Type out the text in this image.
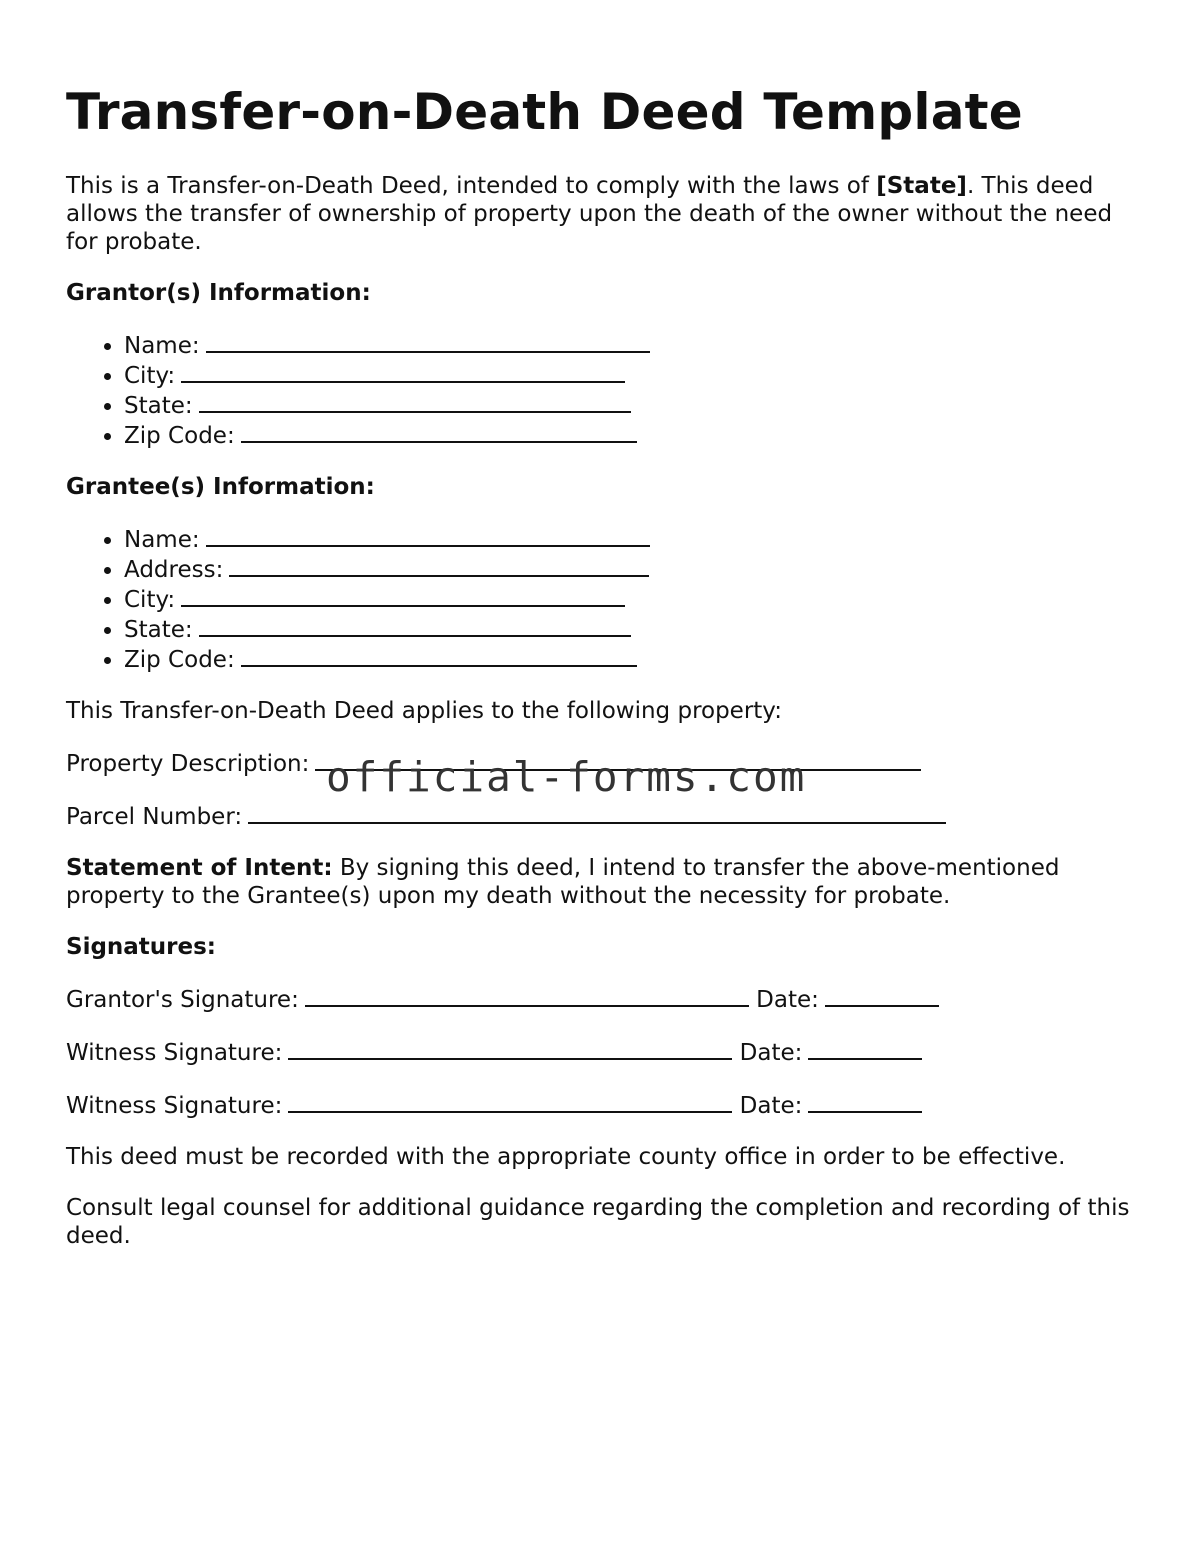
Transfer-on-Death Deed Template

This is a Transfer-on-Death Deed, intended to comply with the laws of [State]. This deed allows the transfer of ownership of property upon the death of the owner without the need for probate.

Grantor(s) Information:

• Name:
• City:
• State:
• Zip Code:

Grantee(s) Information:

• Name:
• Address:
• City:
• State:
• Zip Code:

This Transfer-on-Death Deed applies to the following property:

Property Description:

Parcel Number:

Statement of Intent: By signing this deed, I intend to transfer the above-mentioned property to the Grantee(s) upon my death without the necessity for probate.

Signatures:

Grantor's Signature:	Date:

Witness Signature:	Date:

Witness Signature:	Date:

This deed must be recorded with the appropriate county office in order to be effective.

Consult legal counsel for additional guidance regarding the completion and recording of this deed.

official-forms.com
